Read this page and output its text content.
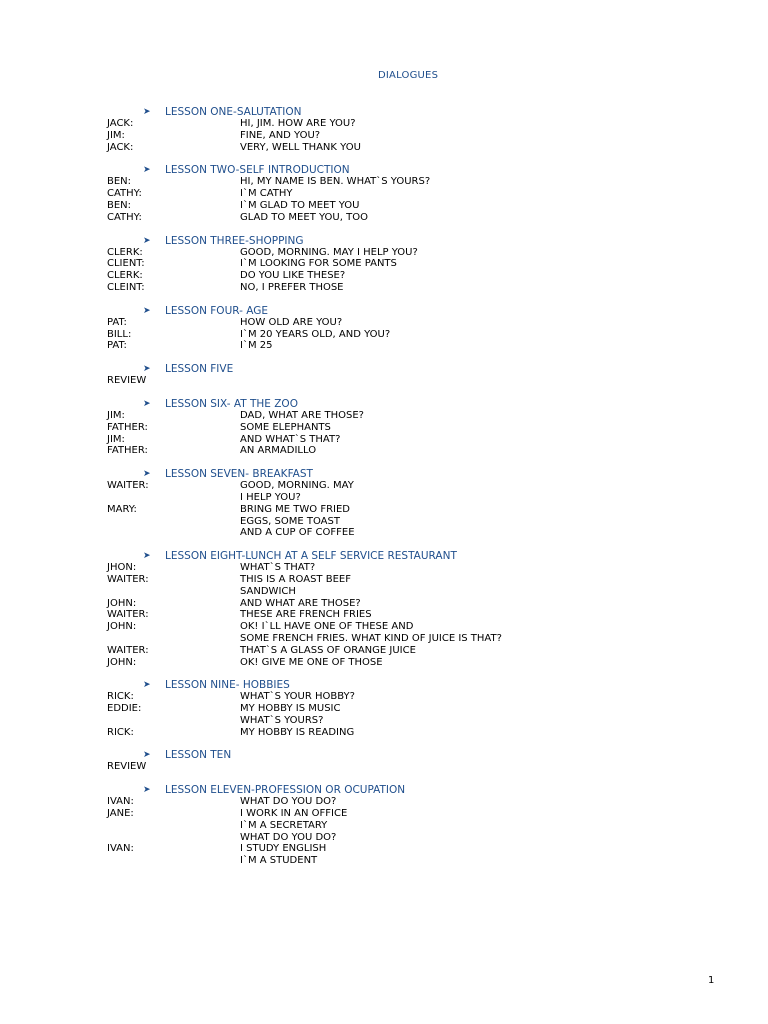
DIALOGUES
➤ LESSON ONE-SALUTATION
JACK:	HI, JIM. HOW ARE YOU?
JIM:	FINE, AND YOU?
JACK:	VERY, WELL THANK YOU
➤ LESSON TWO-SELF INTRODUCTION
BEN:	HI, MY NAME IS BEN. WHAT`S YOURS?
CATHY:	I`M CATHY
BEN:	I`M GLAD TO MEET YOU
CATHY:	GLAD TO MEET YOU, TOO
➤ LESSON THREE-SHOPPING
CLERK:	GOOD, MORNING. MAY I HELP YOU?
CLIENT:	I`M LOOKING FOR SOME PANTS
CLERK:	DO YOU LIKE THESE?
CLEINT:	NO, I PREFER THOSE
➤ LESSON FOUR- AGE
PAT:	HOW OLD ARE YOU?
BILL:	I`M 20 YEARS OLD, AND YOU?
PAT:	I`M 25
➤ LESSON FIVE
REVIEW
➤ LESSON SIX- AT THE ZOO
JIM:	DAD, WHAT ARE THOSE?
FATHER:	SOME ELEPHANTS
JIM:	AND WHAT`S THAT?
FATHER:	AN ARMADILLO
➤ LESSON SEVEN- BREAKFAST
WAITER:	GOOD, MORNING. MAY
I HELP YOU?
MARY:	BRING ME TWO FRIED
EGGS, SOME TOAST
AND A CUP OF COFFEE
➤ LESSON EIGHT-LUNCH AT A SELF SERVICE RESTAURANT
JHON:	WHAT`S THAT?
WAITER:	THIS IS A ROAST BEEF
SANDWICH
JOHN:	AND WHAT ARE THOSE?
WAITER:	THESE ARE FRENCH FRIES
JOHN:	OK! I`LL HAVE ONE OF THESE AND
SOME FRENCH FRIES. WHAT KIND OF JUICE IS THAT?
WAITER:	THAT`S A GLASS OF ORANGE JUICE
JOHN:	OK! GIVE ME ONE OF THOSE
➤ LESSON NINE- HOBBIES
RICK:	WHAT`S YOUR HOBBY?
EDDIE:	MY HOBBY IS MUSIC
WHAT`S YOURS?
RICK:	MY HOBBY IS READING
➤ LESSON TEN
REVIEW
➤ LESSON ELEVEN-PROFESSION OR OCUPATION
IVAN:	WHAT DO YOU DO?
JANE:	I WORK IN AN OFFICE
I`M A SECRETARY
WHAT DO YOU DO?
IVAN:	I STUDY ENGLISH
I`M A STUDENT
1
